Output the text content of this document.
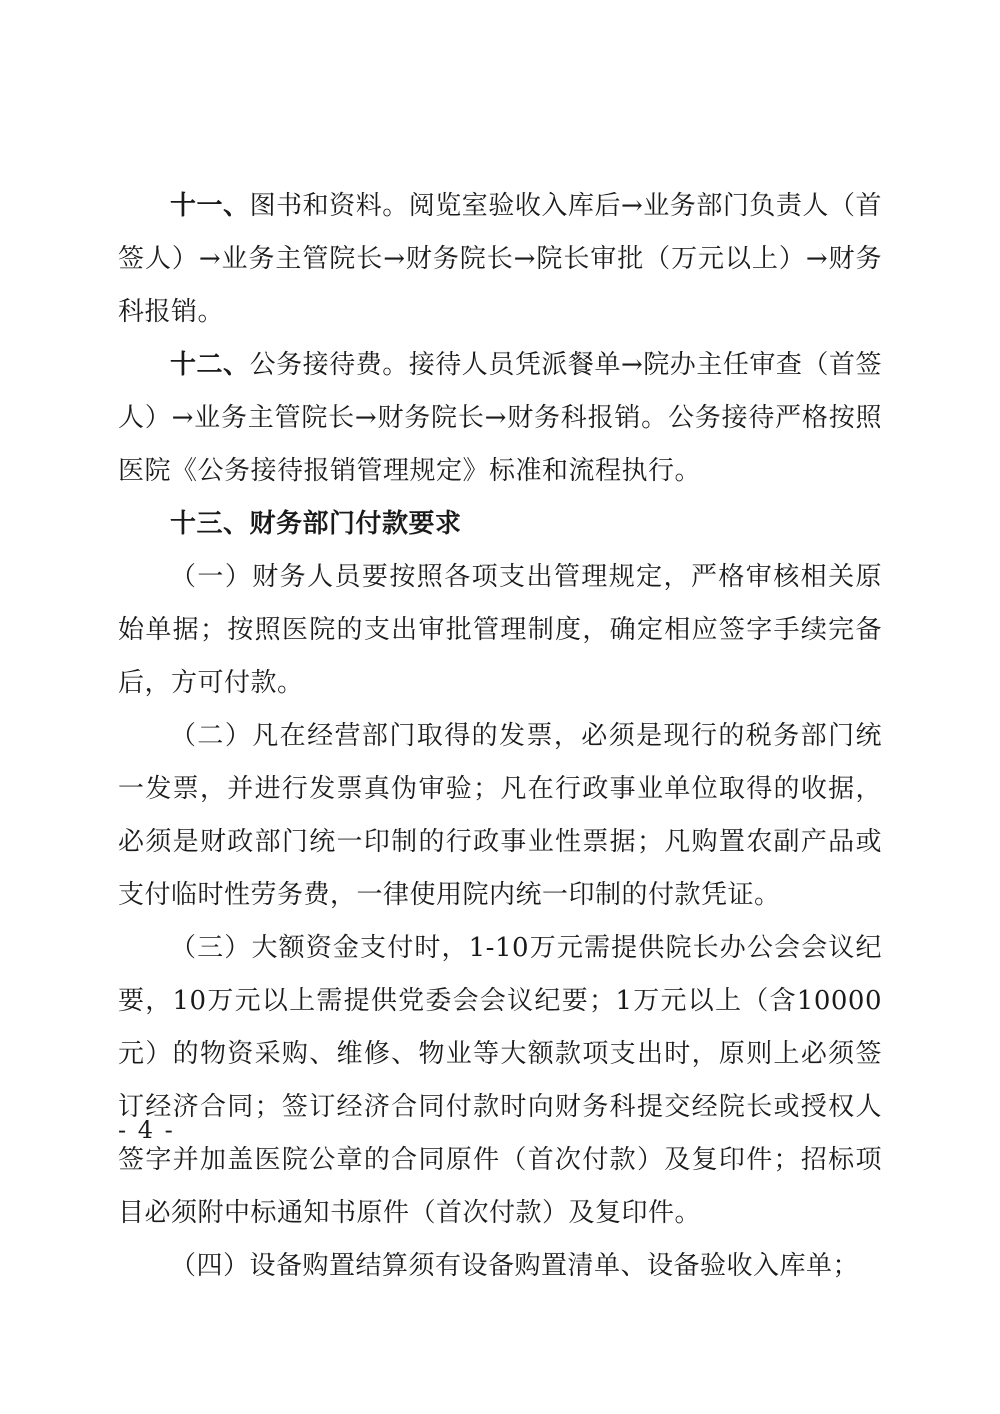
十一、图书和资料。阅览室验收入库后→业务部门负责人（首签人）→业务主管院长→财务院长→院长审批（万元以上）→财务科报销。

十二、公务接待费。接待人员凭派餐单→院办主任审查（首签人）→业务主管院长→财务院长→财务科报销。公务接待严格按照医院《公务接待报销管理规定》标准和流程执行。

十三、财务部门付款要求

（一）财务人员要按照各项支出管理规定，严格审核相关原始单据；按照医院的支出审批管理制度，确定相应签字手续完备后，方可付款。

（二）凡在经营部门取得的发票，必须是现行的税务部门统一发票，并进行发票真伪审验；凡在行政事业单位取得的收据，必须是财政部门统一印制的行政事业性票据；凡购置农副产品或支付临时性劳务费，一律使用院内统一印制的付款凭证。

（三）大额资金支付时，1-10万元需提供院长办公会会议纪要，10万元以上需提供党委会会议纪要；1万元以上（含10000元）的物资采购、维修、物业等大额款项支出时，原则上必须签订经济合同；签订经济合同付款时向财务科提交经院长或授权人签字并加盖医院公章的合同原件（首次付款）及复印件；招标项目必须附中标通知书原件（首次付款）及复印件。

（四）设备购置结算须有设备购置清单、设备验收入库单；

- 4 -
